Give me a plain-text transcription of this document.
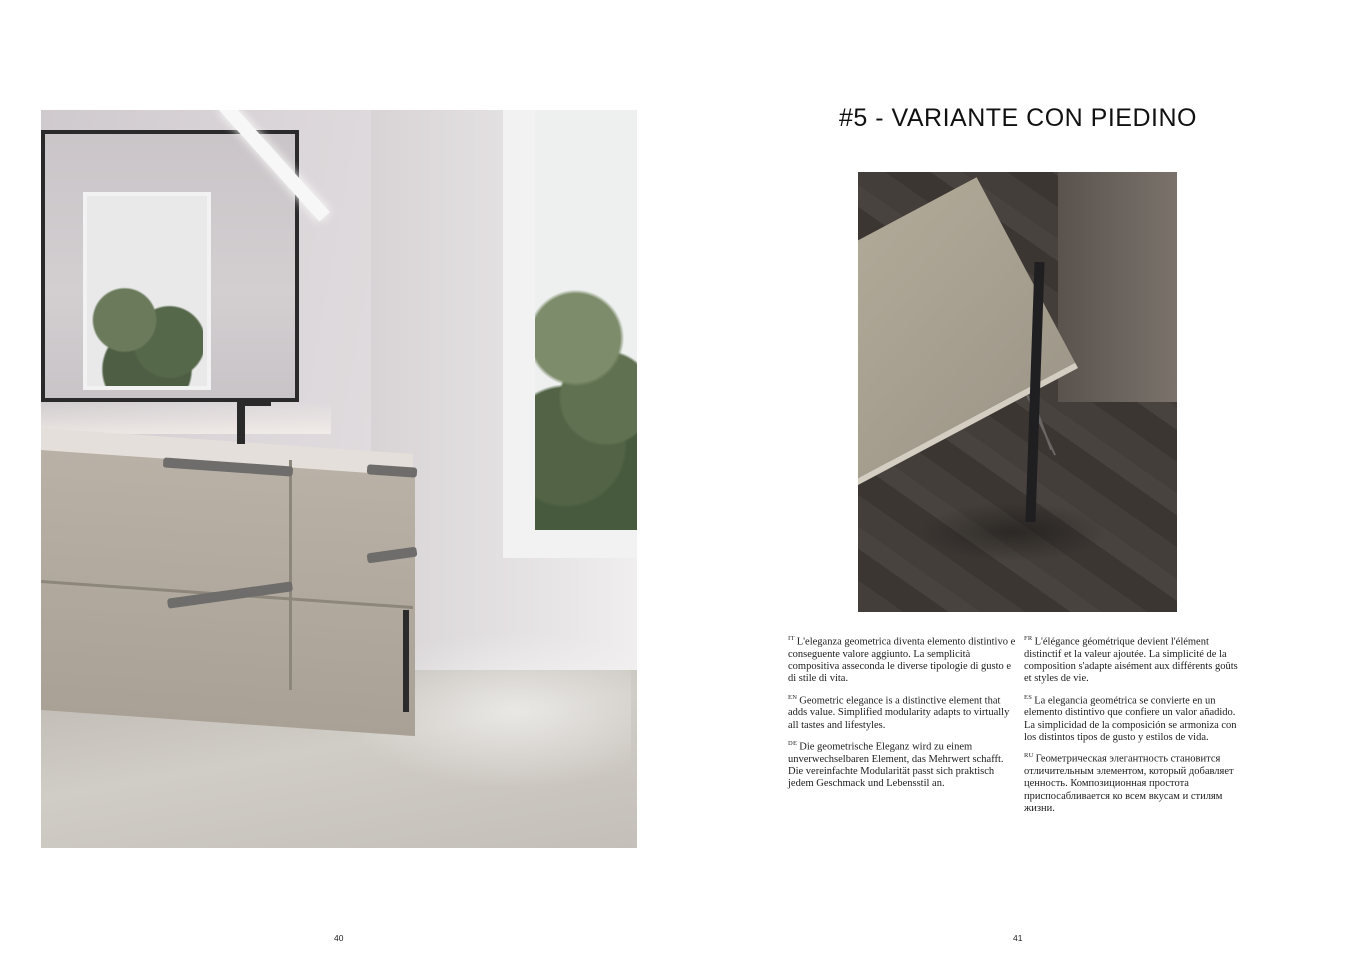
#5 - VARIANTE CON PIEDINO

$^{IT}$ L'eleganza geometrica diventa elemento distintivo e conseguente valore aggiunto. La semplicità compositiva asseconda le diverse tipologie di gusto e di stile di vita.

$^{EN}$ Geometric elegance is a distinctive element that adds value. Simplified modularity adapts to virtually all tastes and lifestyles.

$^{DE}$ Die geometrische Eleganz wird zu einem unverwechselbaren Element, das Mehrwert schafft. Die vereinfachte Modularität passt sich praktisch jedem Geschmack und Lebensstil an.

$^{FR}$ L'élégance géométrique devient l'élément distinctif et la valeur ajoutée. La simplicité de la composition s'adapte aisément aux différents goûts et styles de vie.

$^{ES}$ La elegancia geométrica se convierte en un elemento distintivo que confiere un valor añadido. La simplicidad de la composición se armoniza con los distintos tipos de gusto y estilos de vida.

$^{RU}$ Геометрическая элегантность становится отличительным элементом, который добавляет ценность. Композиционная простота приспосабливается ко всем вкусам и стилям жизни.

40	41
